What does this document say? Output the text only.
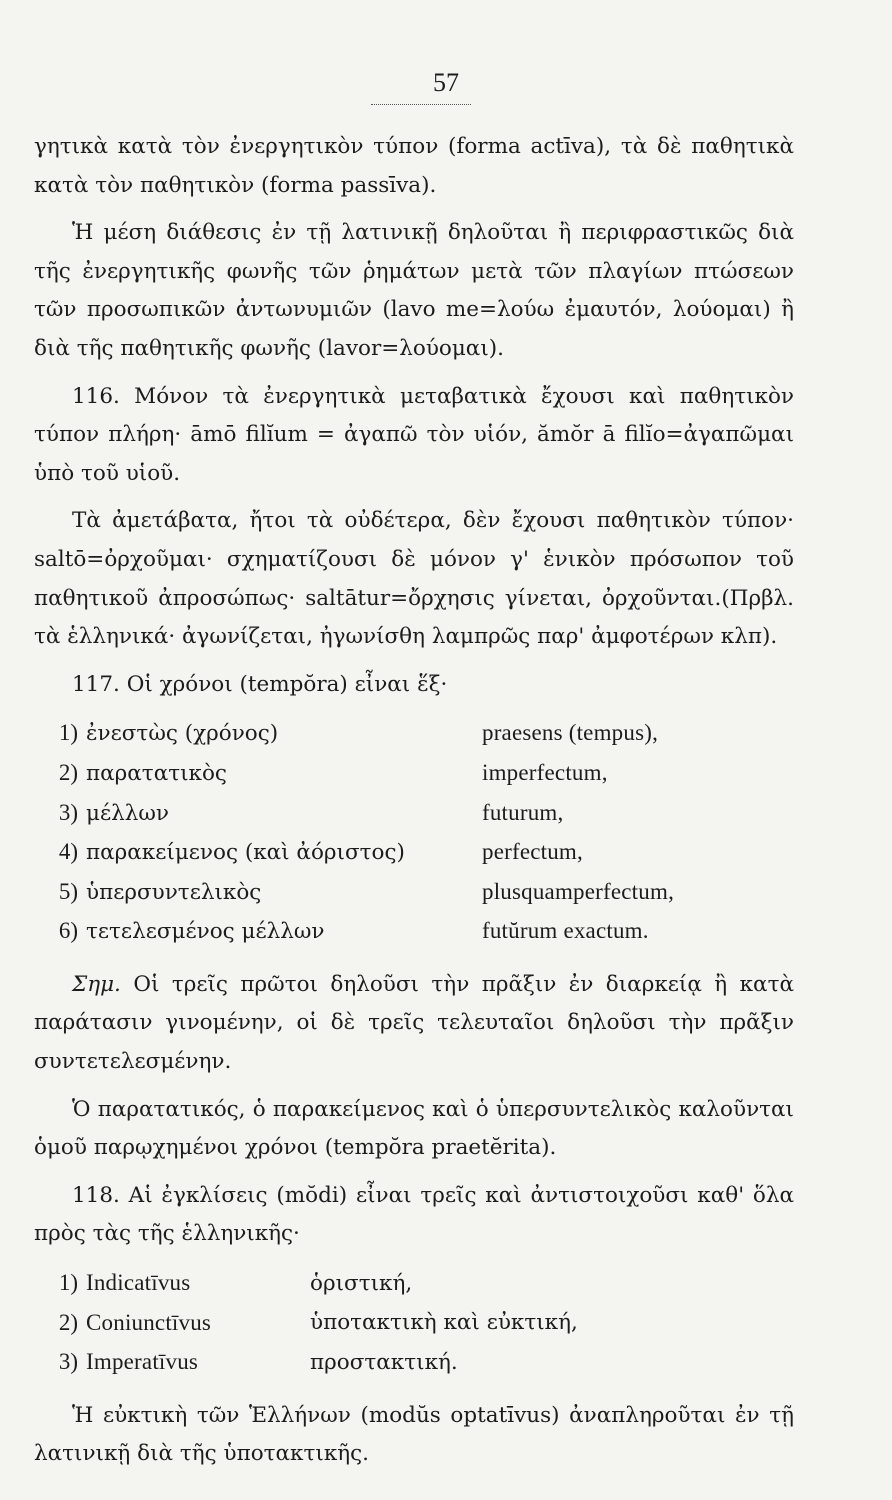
57

γητικὰ κατὰ τὸν ἐνεργητικὸν τύπον (forma actīva), τὰ δὲ παθητικὰ κατὰ τὸν παθητικὸν (forma passīva).

Ἡ μέση διάθεσις ἐν τῇ λατινικῇ δηλοῦται ἢ περιφραστικῶς διὰ τῆς ἐνεργητικῆς φωνῆς τῶν ῥημάτων μετὰ τῶν πλαγίων πτώσεων τῶν προσωπικῶν ἀντωνυμιῶν (lavo me=λούω ἐμαυτόν, λούομαι) ἢ διὰ τῆς παθητικῆς φωνῆς (lavor=λούομαι).

116. Μόνον τὰ ἐνεργητικὰ μεταβατικὰ ἔχουσι καὶ παθητικὸν τύπον πλήρη· āmō filĭum = ἀγαπῶ τὸν υἱόν, ămŏr ā filĭo=ἀγαπῶμαι ὑπὸ τοῦ υἱοῦ.

Τὰ ἀμετάβατα, ἤτοι τὰ οὐδέτερα, δὲν ἔχουσι παθητικὸν τύπον· saltō=ὀρχοῦμαι· σχηματίζουσι δὲ μόνον γ' ἑνικὸν πρόσωπον τοῦ παθητικοῦ ἀπροσώπως· saltātur=ὄρχησις γίνεται, ὀρχοῦνται.(Πρβλ. τὰ ἑλληνικά· ἀγωνίζεται, ἠγωνίσθη λαμπρῶς παρ' ἀμφοτέρων κλπ).

117. Οἱ χρόνοι (tempŏra) εἶναι ἕξ·

1) ἐνεστὼς (χρόνος)	praesens (tempus),
2) παρατατικὸς	imperfectum,
3) μέλλων	futurum,
4) παρακείμενος (καὶ ἀόριστος)	perfectum,
5) ὑπερσυντελικὸς	plusquamperfectum,
6) τετελεσμένος μέλλων	futŭrum exactum.

Σημ. Οἱ τρεῖς πρῶτοι δηλοῦσι τὴν πρᾶξιν ἐν διαρκείᾳ ἢ κατὰ παράτασιν γινομένην, οἱ δὲ τρεῖς τελευταῖοι δηλοῦσι τὴν πρᾶξιν συντετελεσμένην.

Ὁ παρατατικός, ὁ παρακείμενος καὶ ὁ ὑπερσυντελικὸς καλοῦνται ὁμοῦ παρῳχημένοι χρόνοι (tempŏra praetĕrita).

118. Αἱ ἐγκλίσεις (mŏdi) εἶναι τρεῖς καὶ ἀντιστοιχοῦσι καθ' ὅλα πρὸς τὰς τῆς ἑλληνικῆς·

1) Indicatīvus	ὁριστική,
2) Coniunctīvus	ὑποτακτικὴ καὶ εὐκτική,
3) Imperatīvus	προστακτική.

Ἡ εὐκτικὴ τῶν Ἑλλήνων (modŭs optatīvus) ἀναπληροῦται ἐν τῇ λατινικῇ διὰ τῆς ὑποτακτικῆς.
